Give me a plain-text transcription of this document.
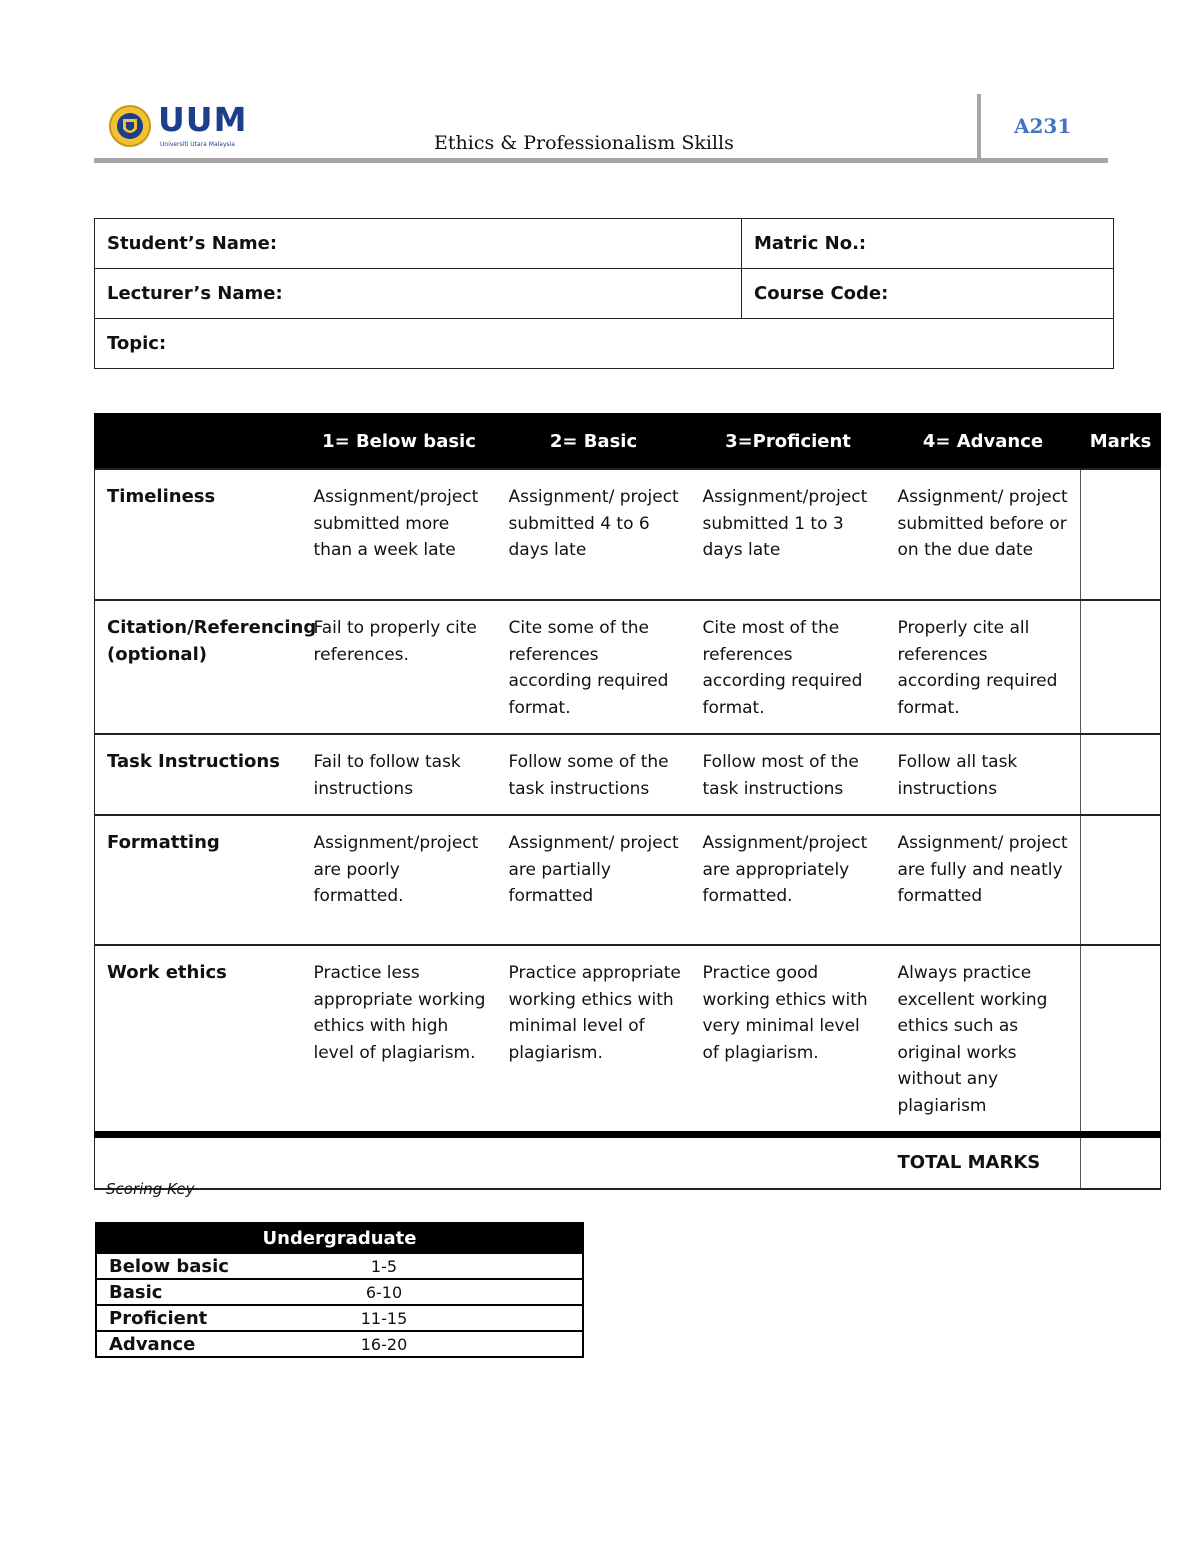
UUM
Universiti Utara Malaysia	Ethics & Professionalism Skills
A231
Student’s Name:	Matric No.:
Lecturer’s Name:	Course Code:
Topic:	
	1= Below basic	2= Basic	3=Proficient	4= Advance	Marks
Timeliness	Assignment/project submitted more than a week late	Assignment/ project submitted 4 to 6 days late	Assignment/project submitted 1 to 3 days late	Assignment/ project submitted before or on the due date	
Citation/Referencing (optional)	Fail to properly cite references.	Cite some of the references according required format.	Cite most of the references according required format.	Properly cite all references according required format.	
Task Instructions	Fail to follow task instructions	Follow some of the task instructions	Follow most of the task instructions	Follow all task instructions	
Formatting	Assignment/project are poorly formatted.	Assignment/ project are partially formatted	Assignment/project are appropriately formatted.	Assignment/ project are fully and neatly formatted	
Work ethics	Practice less appropriate working ethics with high level of plagiarism.	Practice appropriate working ethics with minimal level of plagiarism.	Practice good working ethics with very minimal level of plagiarism.	Always practice excellent working ethics such as original works without any plagiarism	
				TOTAL MARKS	
Scoring Key
Undergraduate	
Below basic	1-5
Basic	6-10
Proficient	11-15
Advance	16-20
